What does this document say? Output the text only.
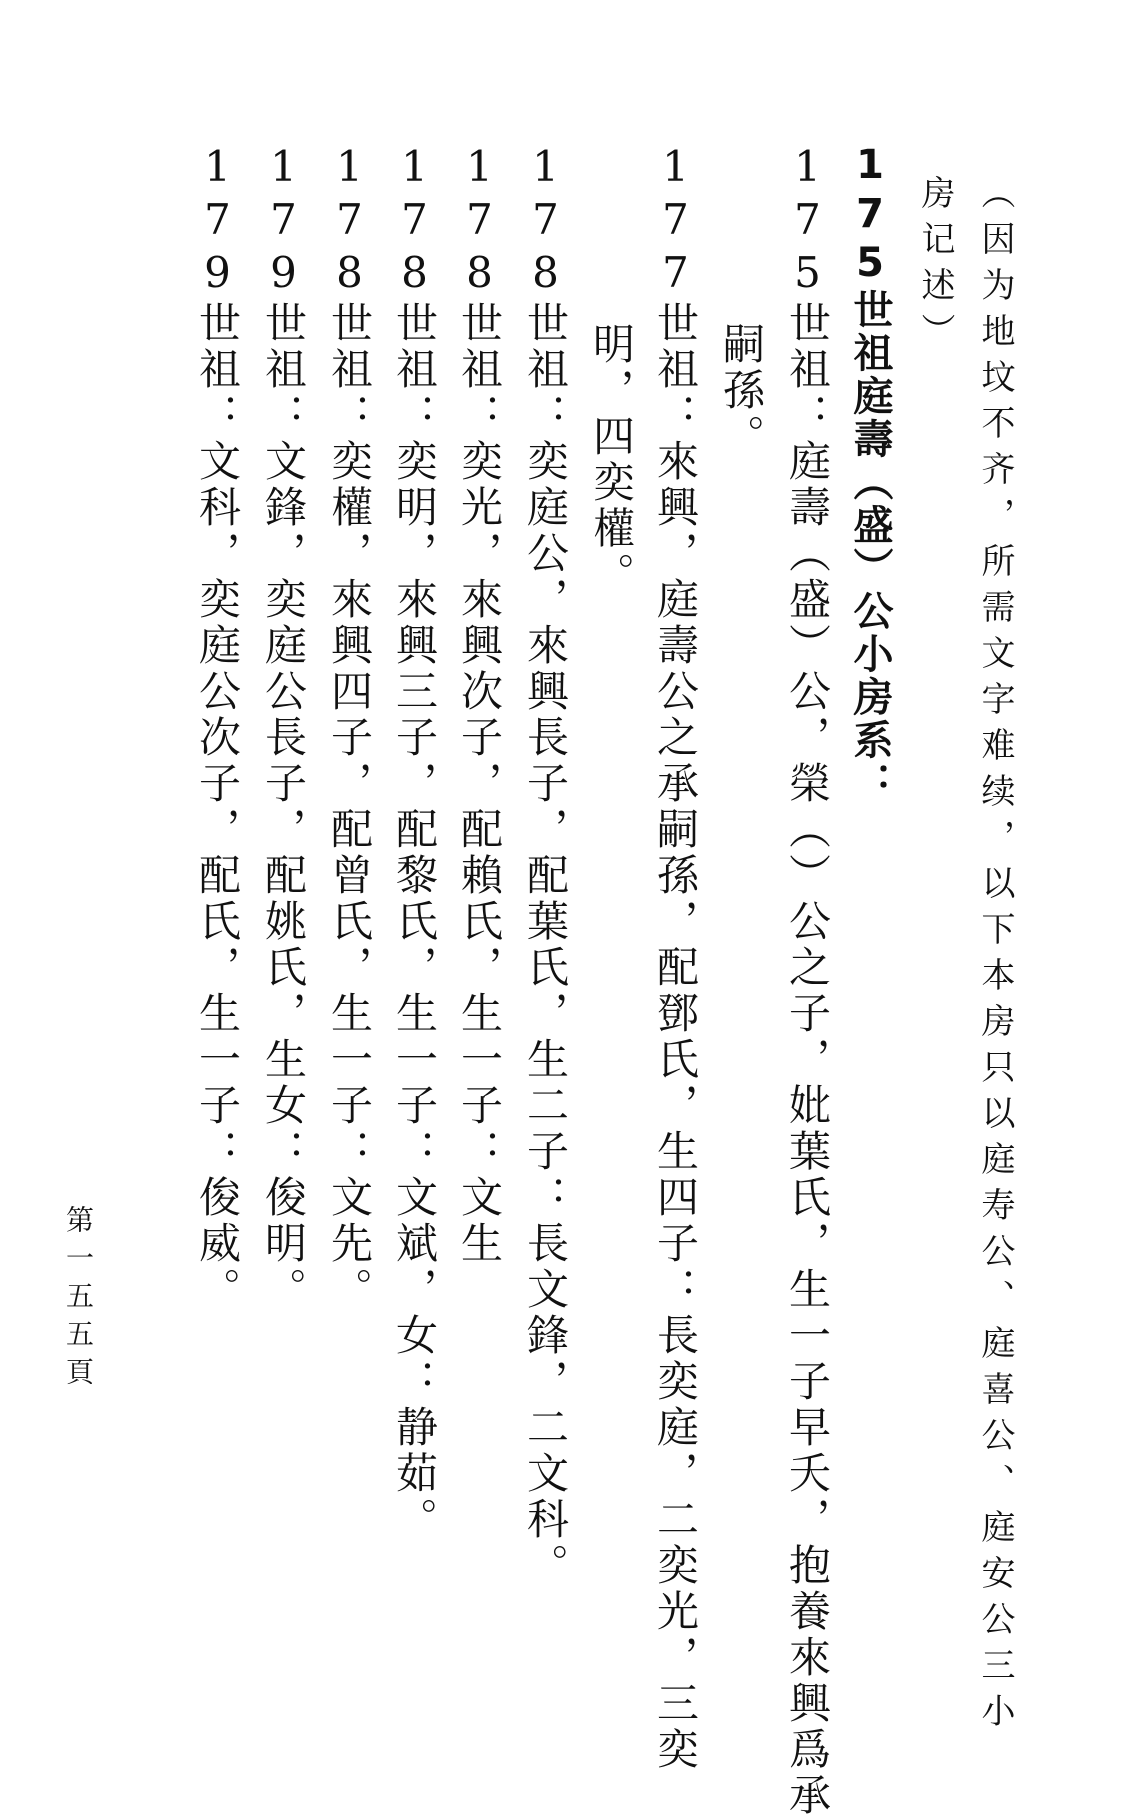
（因为地坟不齐，所需文字难续，以下本房只以庭寿公、庭喜公、庭安公三小
房记述）
175世祖庭壽（盛）公小房系：
175世祖：庭壽（盛）公，榮（）公之子，妣葉氏，生一子早夭，抱養來興爲承
嗣孫。
177世祖：來興，庭壽公之承嗣孫，配鄧氏，生四子：長奕庭，二奕光，三奕
明，四奕權。
178世祖：奕庭公，來興長子，配葉氏，生二子：長文鋒，二文科。
178世祖：奕光，來興次子，配賴氏，生一子：文生
178世祖：奕明，來興三子，配黎氏，生一子：文斌，女：静茹。
178世祖：奕權，來興四子，配曾氏，生一子：文先。
179世祖：文鋒，奕庭公長子，配姚氏，生女：俊明。
179世祖：文科，奕庭公次子，配氏，生一子：俊威。
第一五五頁
